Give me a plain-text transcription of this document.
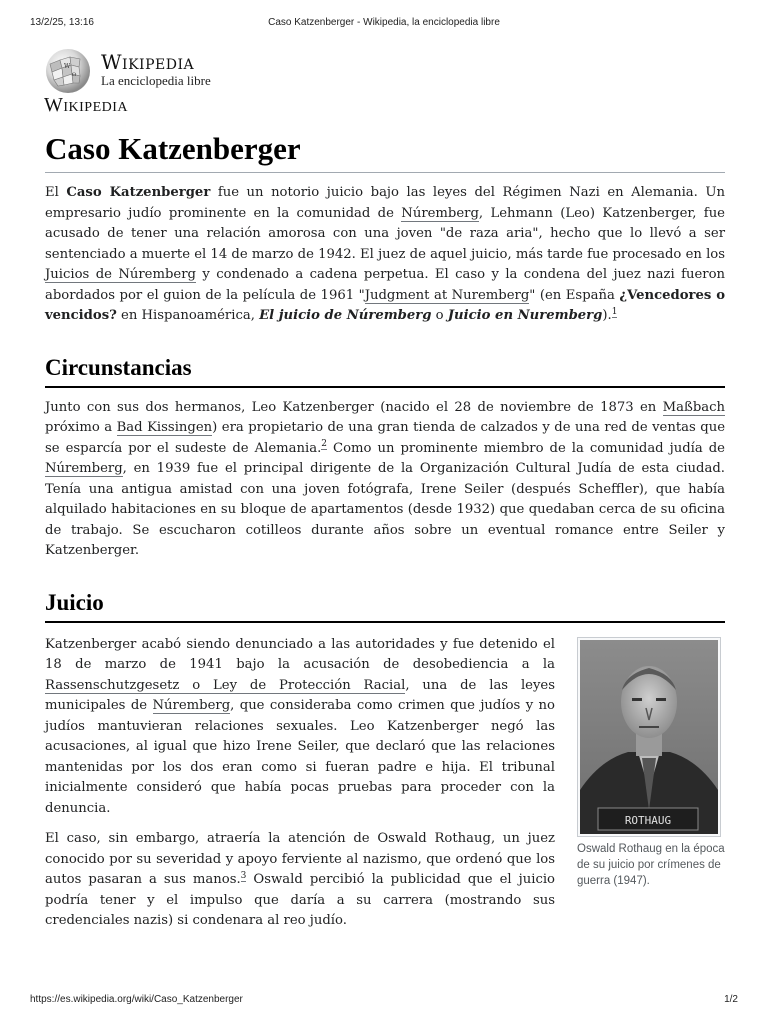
13/2/25, 13:16	Caso Katzenberger - Wikipedia, la enciclopedia libre
W
Ω
Wikipedia
La enciclopedia libre
Wikipedia
Caso Katzenberger

El Caso Katzenberger fue un notorio juicio bajo las leyes del Régimen Nazi en Alemania. Un empresario judío prominente en la comunidad de Núremberg, Lehmann (Leo) Katzenberger, fue acusado de tener una relación amorosa con una joven "de raza aria", hecho que lo llevó a ser sentenciado a muerte el 14 de marzo de 1942. El juez de aquel juicio, más tarde fue procesado en los Juicios de Núremberg y condenado a cadena perpetua. El caso y la condena del juez nazi fueron abordados por el guion de la película de 1961 "Judgment at Nuremberg" (en España ¿Vencedores o vencidos? en Hispanoamérica, El juicio de Núremberg o Juicio en Nuremberg).$^1$

Circunstancias

Junto con sus dos hermanos, Leo Katzenberger (nacido el 28 de noviembre de 1873 en Maßbach próximo a Bad Kissingen) era propietario de una gran tienda de calzados y de una red de ventas que se esparcía por el sudeste de Alemania.$^2$ Como un prominente miembro de la comunidad judía de Núremberg, en 1939 fue el principal dirigente de la Organización Cultural Judía de esta ciudad. Tenía una antigua amistad con una joven fotógrafa, Irene Seiler (después Scheffler), que había alquilado habitaciones en su bloque de apartamentos (desde 1932) que quedaban cerca de su oficina de trabajo. Se escucharon cotilleos durante años sobre un eventual romance entre Seiler y Katzenberger.

Juicio

Katzenberger acabó siendo denunciado a las autoridades y fue detenido el 18 de marzo de 1941 bajo la acusación de desobediencia a la Rassenschutzgesetz o Ley de Protección Racial, una de las leyes municipales de Núremberg, que consideraba como crimen que judíos y no judíos mantuvieran relaciones sexuales. Leo Katzenberger negó las acusaciones, al igual que hizo Irene Seiler, que declaró que las relaciones mantenidas por los dos eran como si fueran padre e hija. El tribunal inicialmente consideró que había pocas pruebas para proceder con la denuncia.

El caso, sin embargo, atraería la atención de Oswald Rothaug, un juez conocido por su severidad y apoyo ferviente al nazismo, que ordenó que los autos pasaran a sus manos.$^3$ Oswald percibió la publicidad que el juicio podría tener y el impulso que daría a su carrera (mostrando sus credenciales nazis) si condenara al reo judío.

ROTHAUG
Oswald Rothaug en la época de su juicio por crímenes de guerra (1947).
https://es.wikipedia.org/wiki/Caso_Katzenberger	1/2
